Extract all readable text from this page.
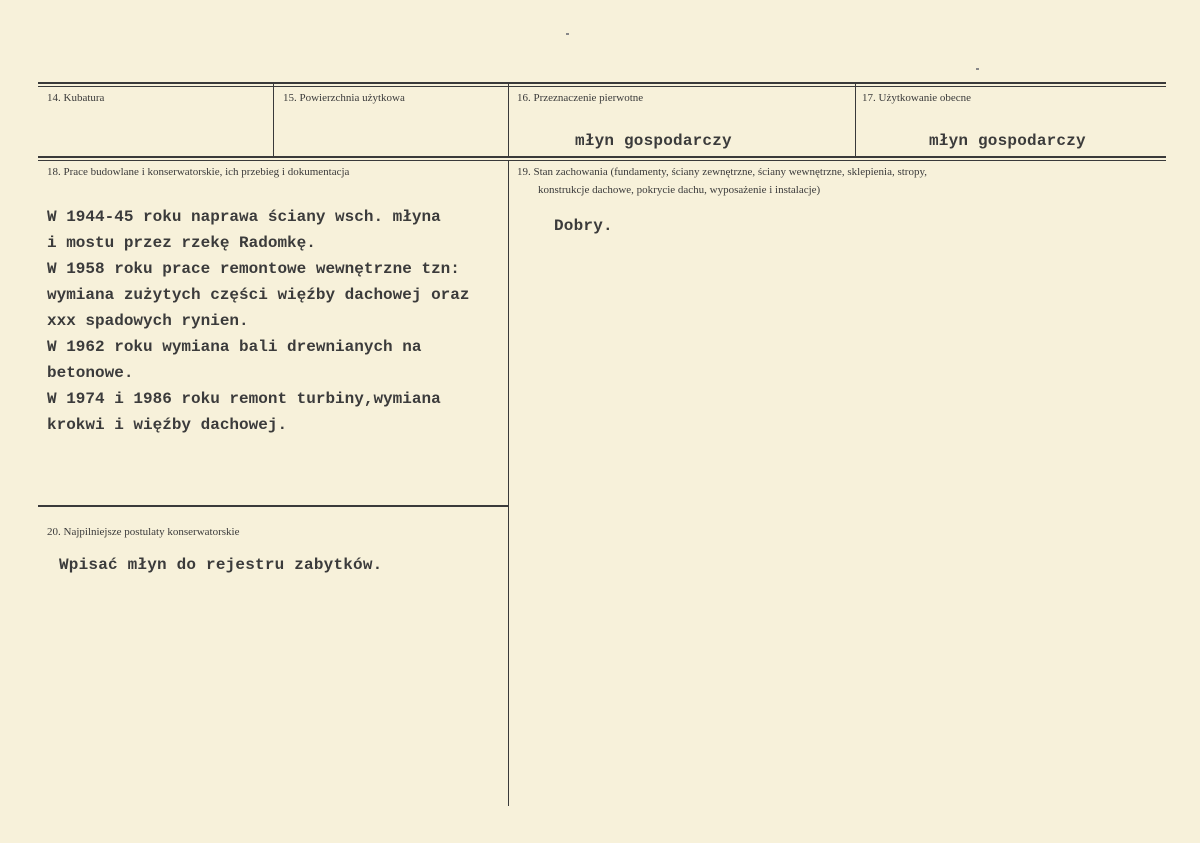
14. Kubatura	15. Powierzchnia użytkowa	16. Przeznaczenie pierwotne
młyn gospodarczy
17. Użytkowanie obecne
młyn gospodarczy
18. Prace budowlane i konserwatorskie, ich przebieg i dokumentacja
W 1944-45 roku naprawa ściany wsch. młyna
i mostu przez rzekę Radomkę.
W 1958 roku prace remontowe wewnętrzne tzn:
wymiana zużytych części więźby dachowej oraz
xxx spadowych rynien.
W 1962 roku wymiana bali drewnianych na
betonowe.
W 1974 i 1986 roku remont turbiny,wymiana
krokwi i więźby dachowej.
19. Stan zachowania (fundamenty, ściany zewnętrzne, ściany wewnętrzne, sklepienia, stropy,
konstrukcje dachowe, pokrycie dachu, wyposażenie i instalacje)
Dobry.
20. Najpilniejsze postulaty konserwatorskie
Wpisać młyn do rejestru zabytków.
